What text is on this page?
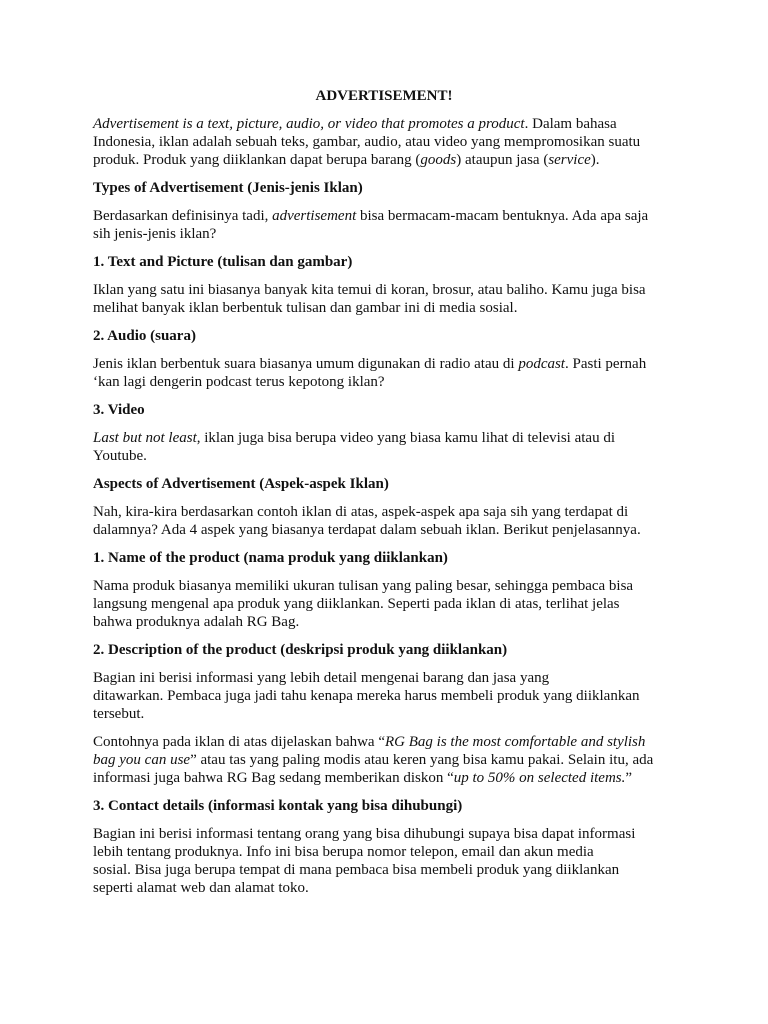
ADVERTISEMENT!
Advertisement is a text, picture, audio, or video that promotes a product. Dalam bahasa
Indonesia, iklan adalah sebuah teks, gambar, audio, atau video yang mempromosikan suatu
produk. Produk yang diiklankan dapat berupa barang (goods) ataupun jasa (service).
Types of Advertisement (Jenis-jenis Iklan)
Berdasarkan definisinya tadi, advertisement bisa bermacam-macam bentuknya. Ada apa saja
sih jenis-jenis iklan?
1. Text and Picture (tulisan dan gambar)
Iklan yang satu ini biasanya banyak kita temui di koran, brosur, atau baliho. Kamu juga bisa
melihat banyak iklan berbentuk tulisan dan gambar ini di media sosial.
2. Audio (suara)
Jenis iklan berbentuk suara biasanya umum digunakan di radio atau di podcast. Pasti pernah
‘kan lagi dengerin podcast terus kepotong iklan?
3. Video
Last but not least, iklan juga bisa berupa video yang biasa kamu lihat di televisi atau di
Youtube.
Aspects of Advertisement (Aspek-aspek Iklan)
Nah, kira-kira berdasarkan contoh iklan di atas, aspek-aspek apa saja sih yang terdapat di
dalamnya? Ada 4 aspek yang biasanya terdapat dalam sebuah iklan. Berikut penjelasannya.
1. Name of the product (nama produk yang diiklankan)
Nama produk biasanya memiliki ukuran tulisan yang paling besar, sehingga pembaca bisa
langsung mengenal apa produk yang diiklankan. Seperti pada iklan di atas, terlihat jelas
bahwa produknya adalah RG Bag.
2. Description of the product (deskripsi produk yang diiklankan)
Bagian ini berisi informasi yang lebih detail mengenai barang dan jasa yang
ditawarkan. Pembaca juga jadi tahu kenapa mereka harus membeli produk yang diiklankan
tersebut.
Contohnya pada iklan di atas dijelaskan bahwa “RG Bag is the most comfortable and stylish
bag you can use” atau tas yang paling modis atau keren yang bisa kamu pakai. Selain itu, ada
informasi juga bahwa RG Bag sedang memberikan diskon “up to 50% on selected items.”
3. Contact details (informasi kontak yang bisa dihubungi)
Bagian ini berisi informasi tentang orang yang bisa dihubungi supaya bisa dapat informasi
lebih tentang produknya. Info ini bisa berupa nomor telepon, email dan akun media
sosial. Bisa juga berupa tempat di mana pembaca bisa membeli produk yang diiklankan
seperti alamat web dan alamat toko.
